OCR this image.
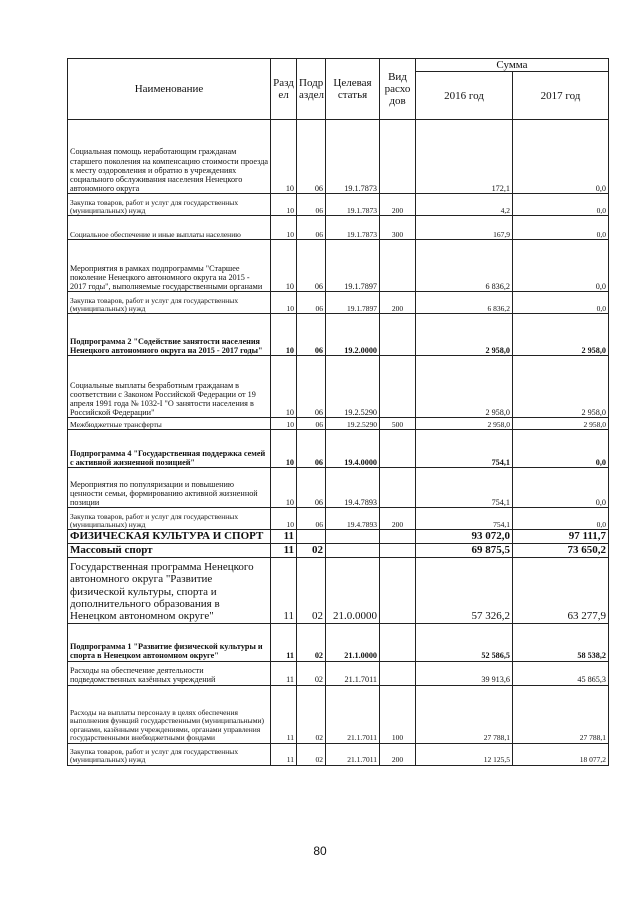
Наименование	Разд ел	Подр аздел	Целевая статья	Вид расхо дов	Сумма	
					2016 год	2017 год
Социальная помощь неработающим гражданам старшего поколения на компенсацию стоимости проезда к месту оздоровления и обратно в учреждениях социального обслуживания населения Ненецкого автономного округа	10	06	19.1.7873		172,1	0,0
Закупка товаров, работ и услуг для государственных (муниципальных) нужд	10	06	19.1.7873	200	4,2	0,0
Социальное обеспечение и иные выплаты населению	10	06	19.1.7873	300	167,9	0,0
Мероприятия в рамках подпрограммы "Старшее поколение Ненецкого автономного округа на 2015 - 2017 годы", выполняемые государственными органами	10	06	19.1.7897		6 836,2	0,0
Закупка товаров, работ и услуг для государственных (муниципальных) нужд	10	06	19.1.7897	200	6 836,2	0,0
Подпрограмма 2 "Содействие занятости населения Ненецкого автономного округа на 2015 - 2017 годы"	10	06	19.2.0000		2 958,0	2 958,0
Социальные выплаты безработным гражданам в соответствии с Законом Российской Федерации от 19 апреля 1991 года № 1032-I "О занятости населения в Российской Федерации"	10	06	19.2.5290		2 958,0	2 958,0
Межбюджетные трансферты	10	06	19.2.5290	500	2 958,0	2 958,0
Подпрограмма 4 "Государственная поддержка семей с активной жизненной позицией"	10	06	19.4.0000		754,1	0,0
Мероприятия по популяризации и повышению ценности семьи, формированию активной жизненной позиции	10	06	19.4.7893		754,1	0,0
Закупка товаров, работ и услуг для государственных (муниципальных) нужд	10	06	19.4.7893	200	754,1	0,0
ФИЗИЧЕСКАЯ КУЛЬТУРА И СПОРТ	11				93 072,0	97 111,7
Массовый спорт	11	02			69 875,5	73 650,2
Государственная программа Ненецкого автономного округа "Развитие физической культуры, спорта и дополнительного образования в Ненецком автономном округе"	11	02	21.0.0000		57 326,2	63 277,9
Подпрограмма 1 "Развитие физической культуры и спорта в Ненецком автономном округе"	11	02	21.1.0000		52 586,5	58 538,2
Расходы на обеспечение деятельности подведомственных казённых учреждений	11	02	21.1.7011		39 913,6	45 865,3
Расходы на выплаты персоналу в целях обеспечения выполнения функций государственными (муниципальными) органами, казёнными учреждениями, органами управления государственными внебюджетными фондами	11	02	21.1.7011	100	27 788,1	27 788,1
Закупка товаров, работ и услуг для государственных (муниципальных) нужд	11	02	21.1.7011	200	12 125,5	18 077,2
80
